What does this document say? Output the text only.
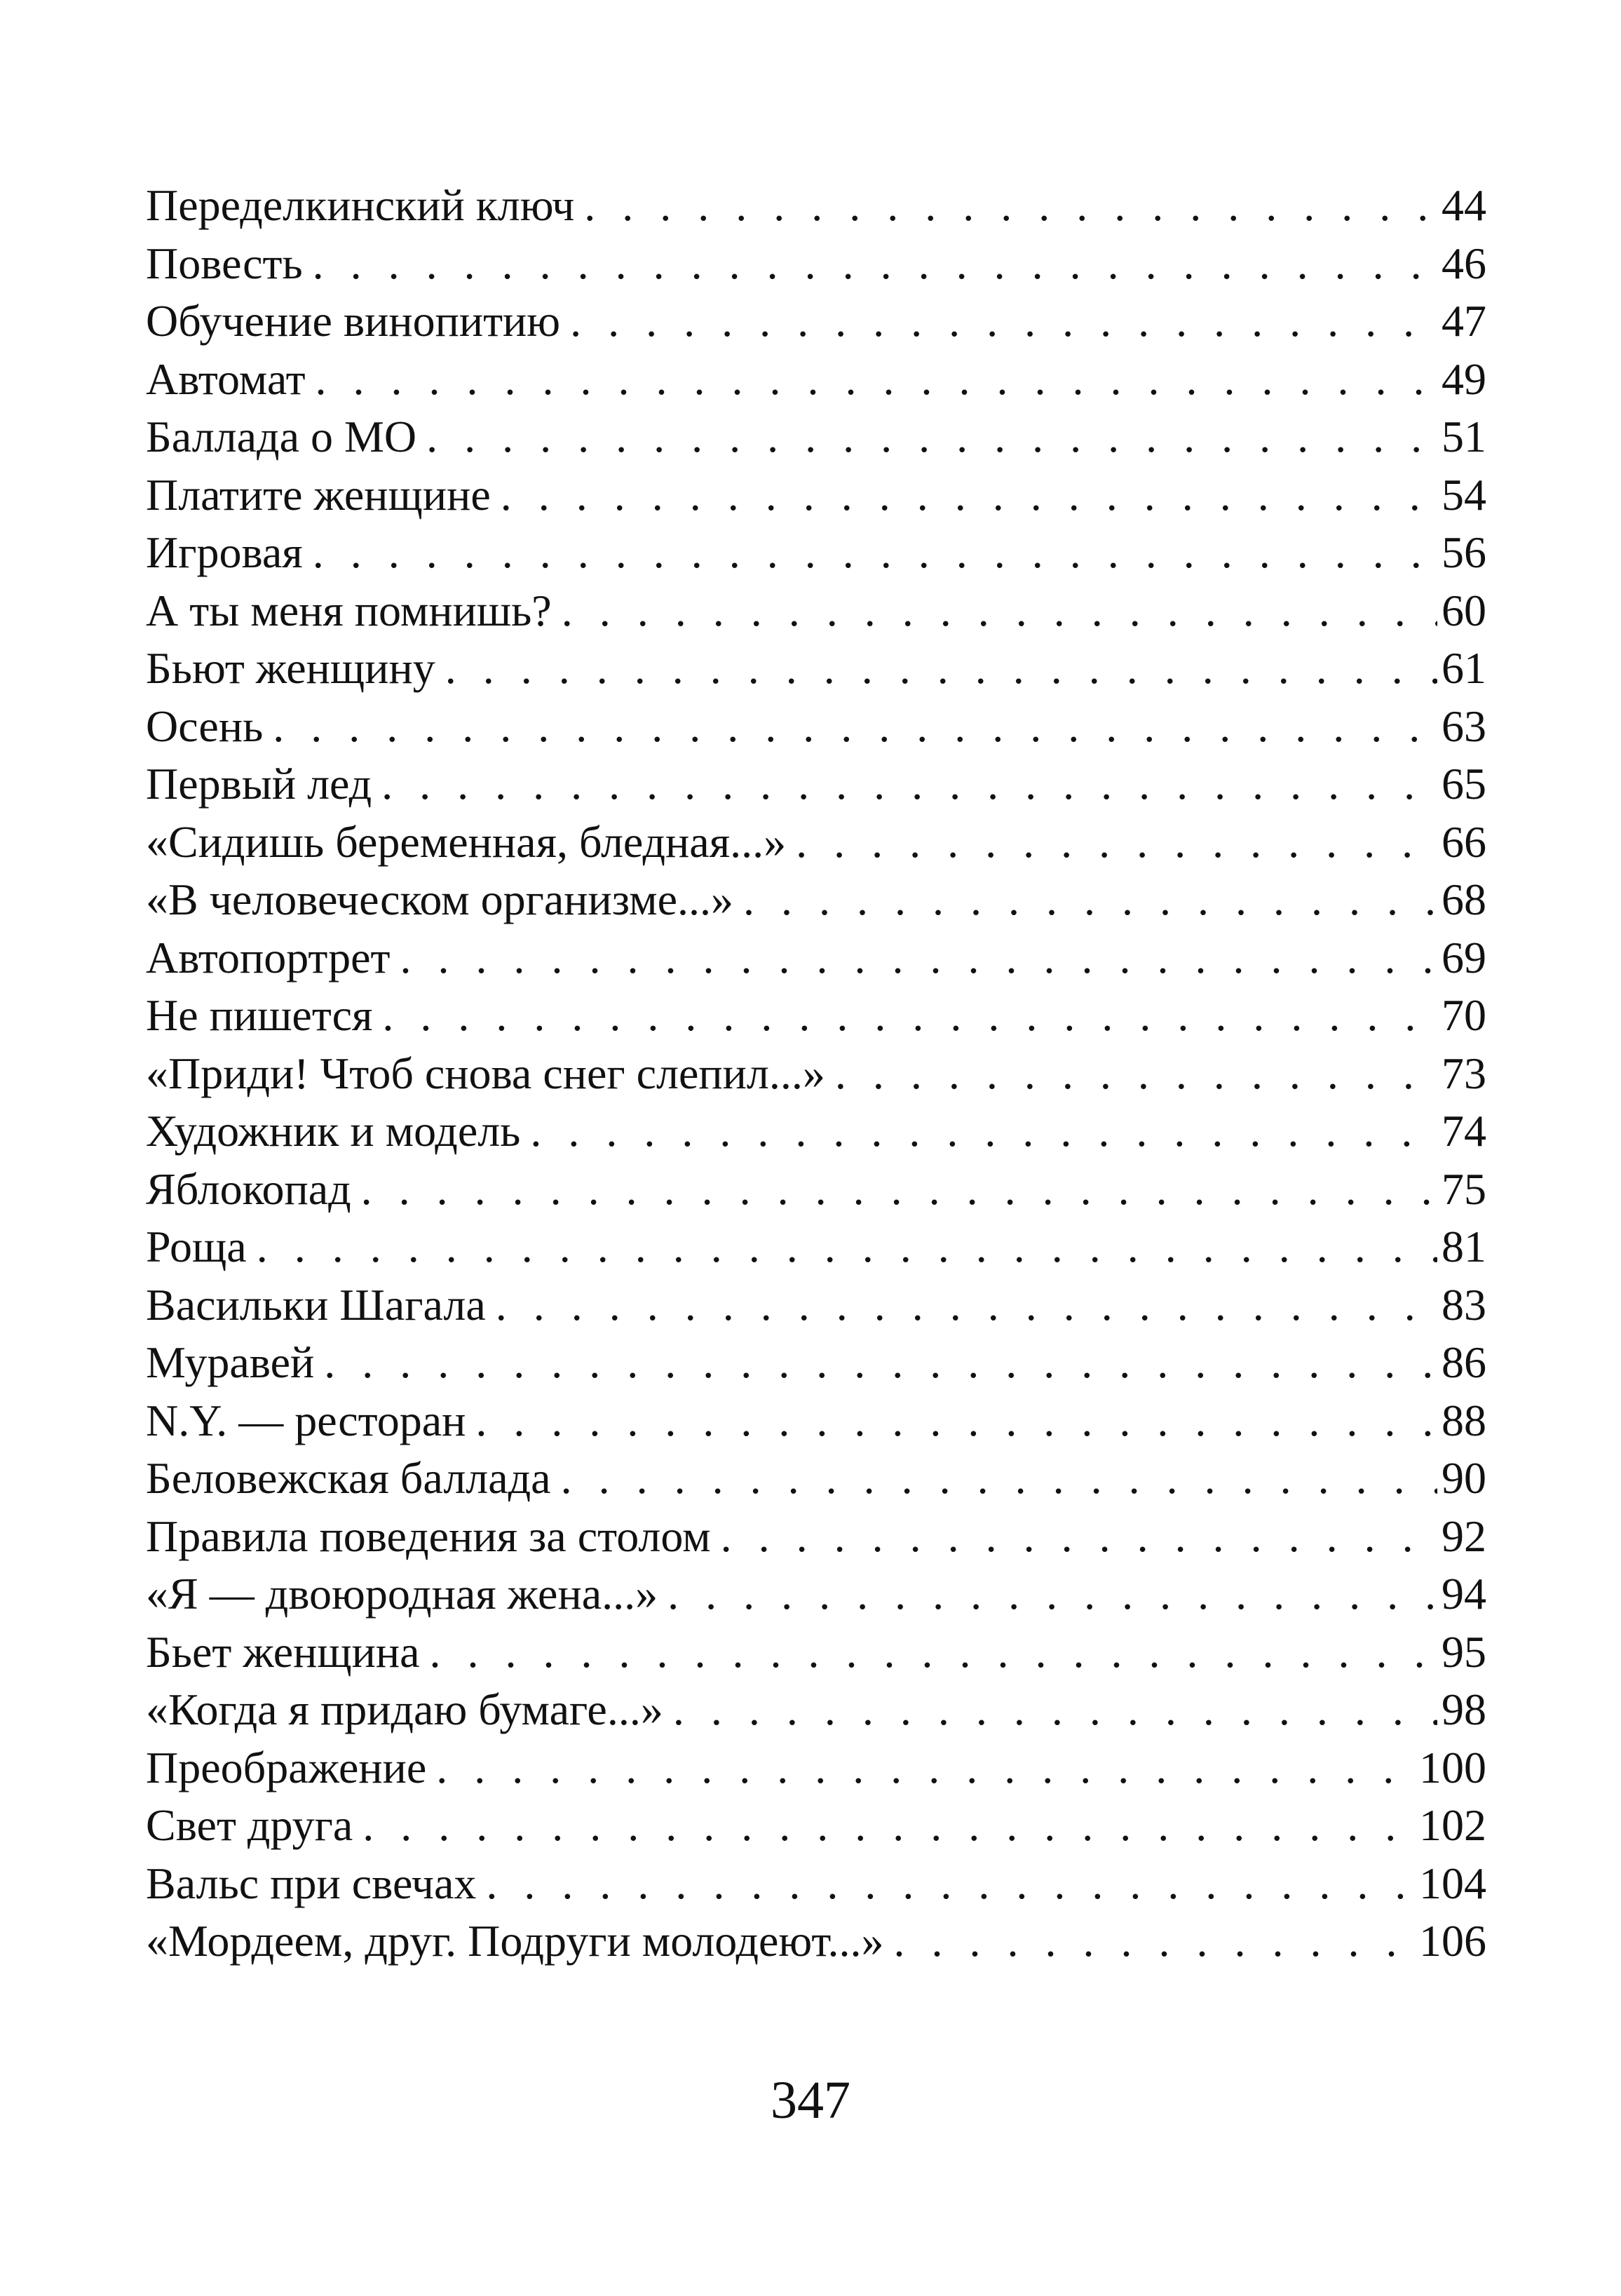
Переделкинский ключ . . .	44
Повесть . . .	46
Обучение винопитию . . .	47
Автомат . . .	49
Баллада о МО . . .	51
Платите женщине . . .	54
Игровая . . .	56
А ты меня помнишь? . . .	60
Бьют женщину . . .	61
Осень . . .	63
Первый лед . . .	65
«Сидишь беременная, бледная...» . . .	66
«В человеческом организме...» . . .	68
Автопортрет . . .	69
Не пишется . . .	70
«Приди! Чтоб снова снег слепил...» . . .	73
Художник и модель . . .	74
Яблокопад . . .	75
Роща . . .	81
Васильки Шагала . . .	83
Муравей . . .	86
N.Y. — ресторан . . .	88
Беловежская баллада . . .	90
Правила поведения за столом . . .	92
«Я — двоюродная жена...» . . .	94
Бьет женщина . . .	95
«Когда я придаю бумаге...» . . .	98
Преображение . . .	100
Свет друга . . .	102
Вальс при свечах . . .	104
«Мордеем, друг. Подруги молодеют...» . . .	106
347
